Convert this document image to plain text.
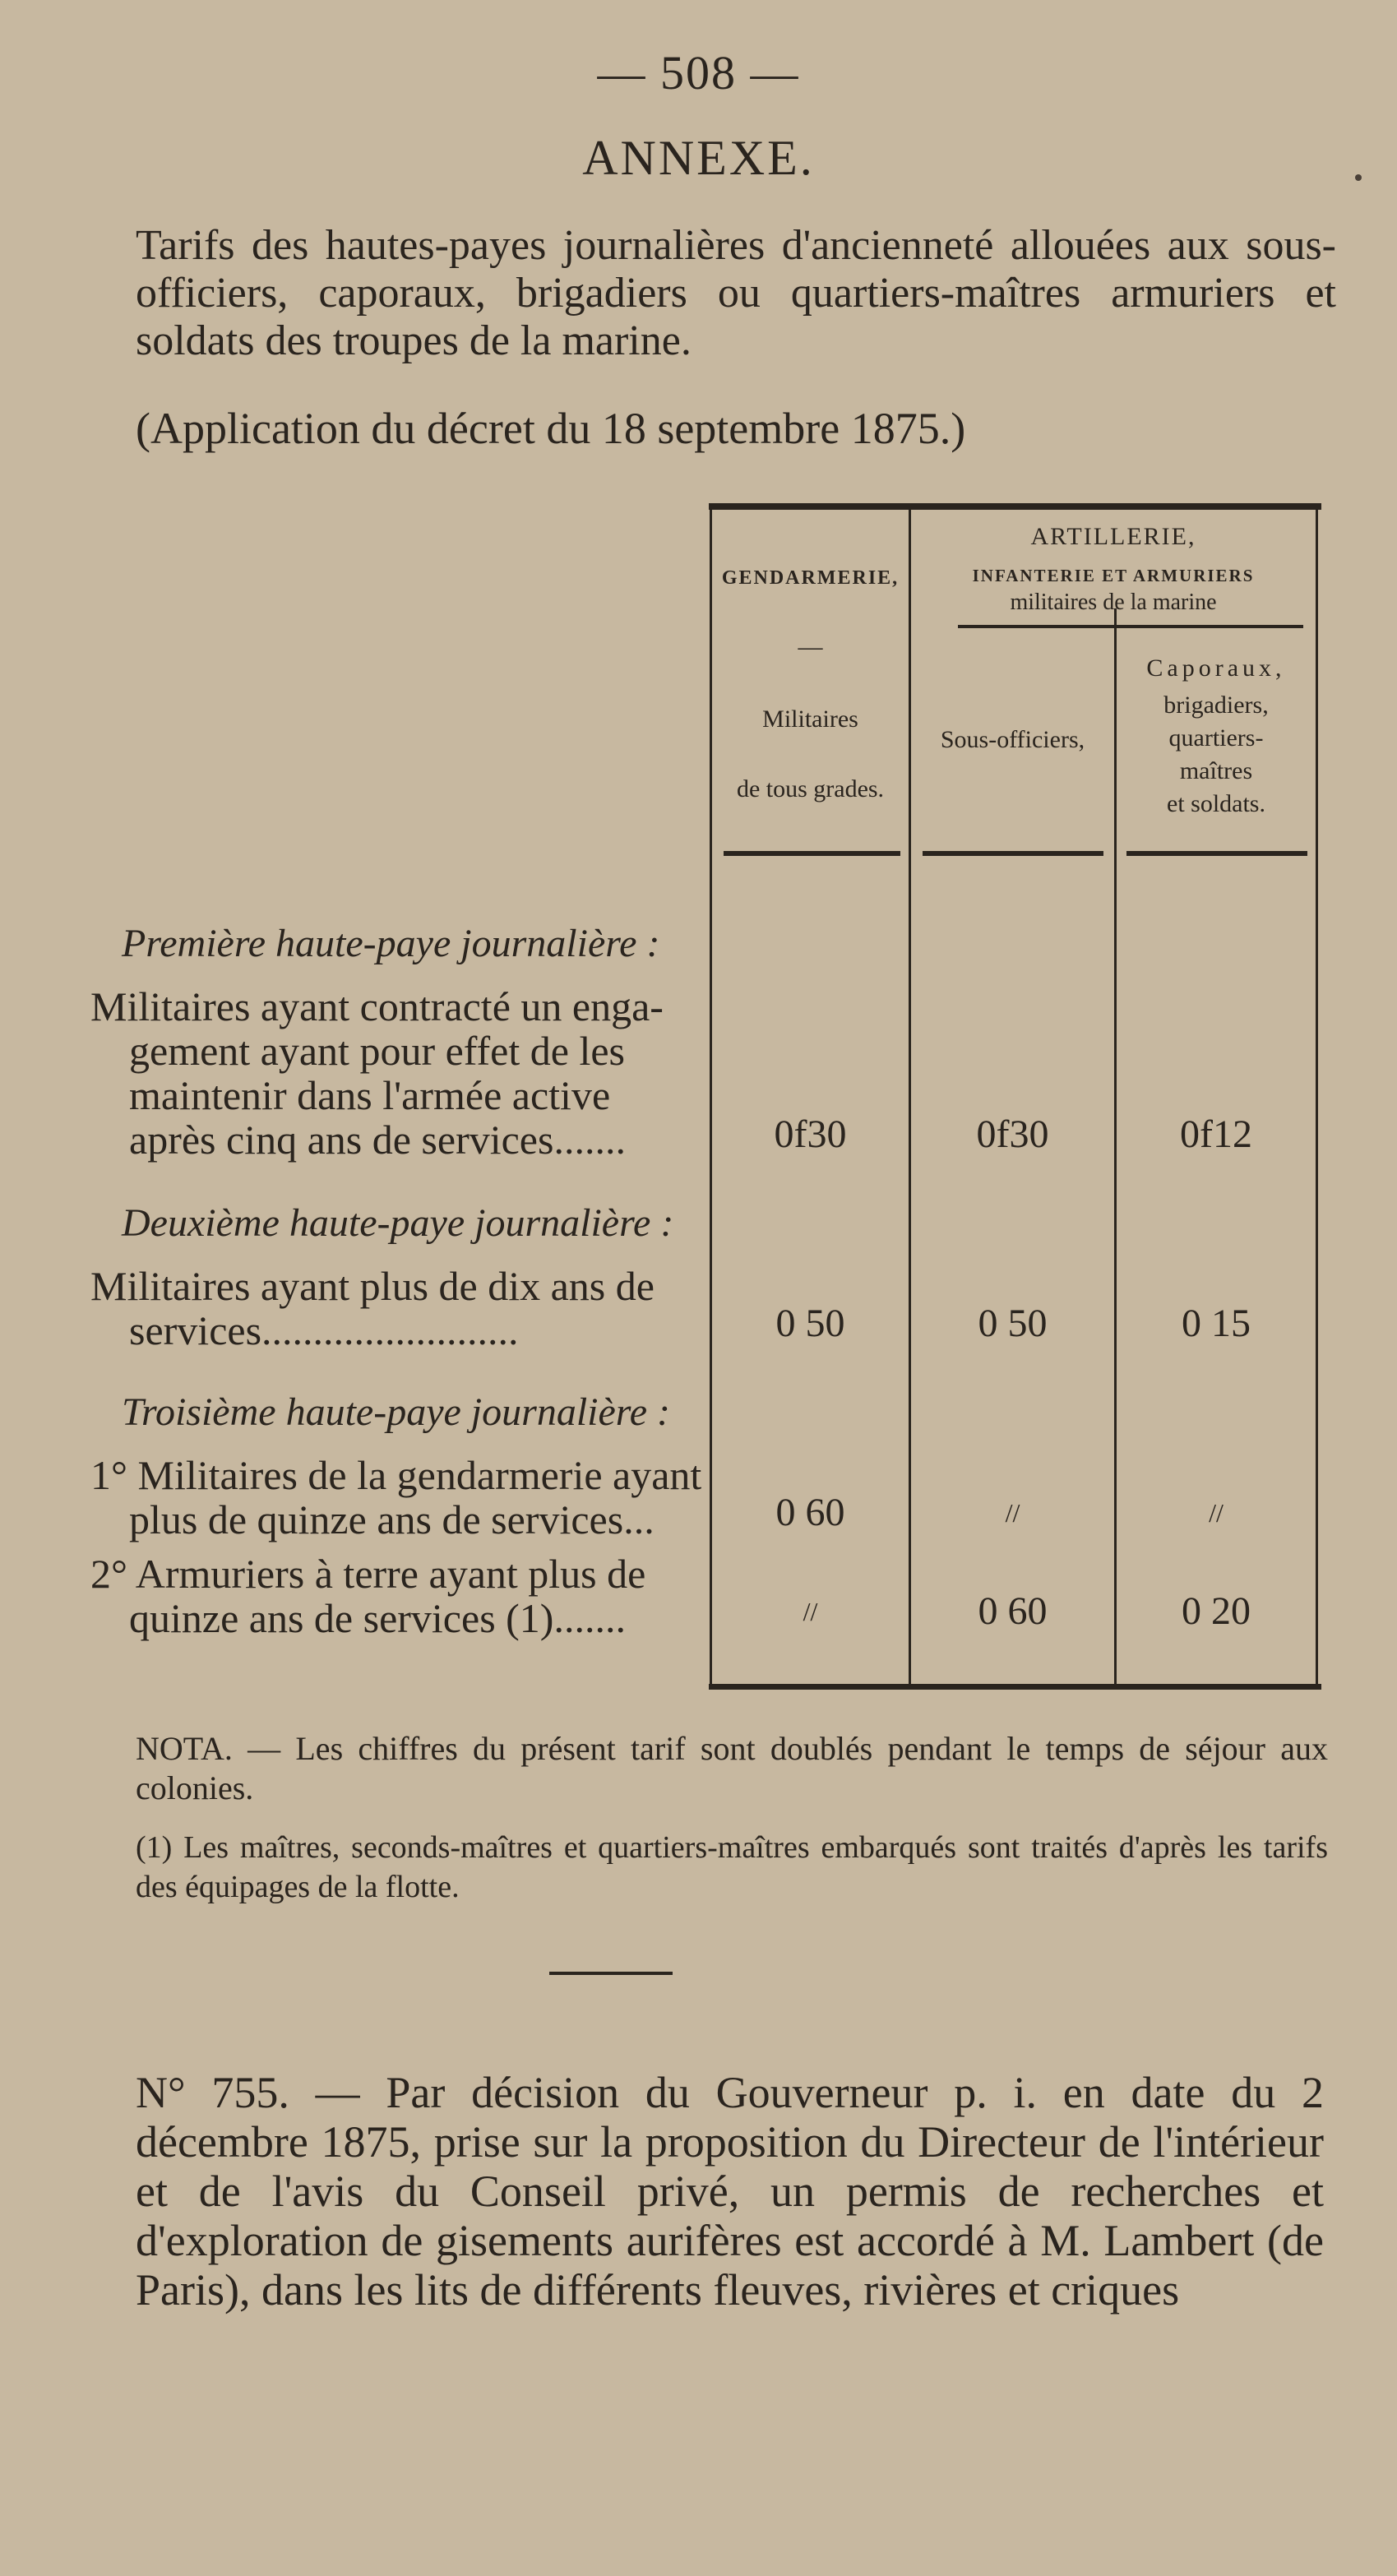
— 508 —
ANNEXE.
Tarifs des hautes-payes journalières d'ancienneté allouées aux sous-officiers, caporaux, brigadiers ou quartiers-maîtres armuriers et soldats des troupes de la marine.
(Application du décret du 18 septembre 1875.)
GENDARMERIE,
—
Militaires
de tous grades.
ARTILLERIE,
INFANTERIE ET ARMURIERS
militaires de la marine
Sous-officiers,
Caporaux,
brigadiers,
quartiers-
maîtres
et soldats.
Première haute-paye journalière :
Militaires ayant contracté un enga-
gement ayant pour effet de les
maintenir dans l'armée active
après cinq ans de services.......	0f30	0f30	0f12
Deuxième haute-paye journalière :
Militaires ayant plus de dix ans de
services.........................	0 50	0 50	0 15
Troisième haute-paye journalière :
1° Militaires de la gendarmerie ayant
plus de quinze ans de services...	0 60	//	//
2° Armuriers à terre ayant plus de
quinze ans de services (1).......	//	0 60	0 20
NOTA. — Les chiffres du présent tarif sont doublés pendant le temps de séjour aux colonies.
(1) Les maîtres, seconds-maîtres et quartiers-maîtres embarqués sont traités d'après les tarifs des équipages de la flotte.
N° 755. — Par décision du Gouverneur p. i. en date du 2 décembre 1875, prise sur la proposition du Directeur de l'intérieur et de l'avis du Conseil privé, un permis de recherches et d'exploration de gisements aurifères est accordé à M. Lambert (de Paris), dans les lits de différents fleuves, rivières et criques
